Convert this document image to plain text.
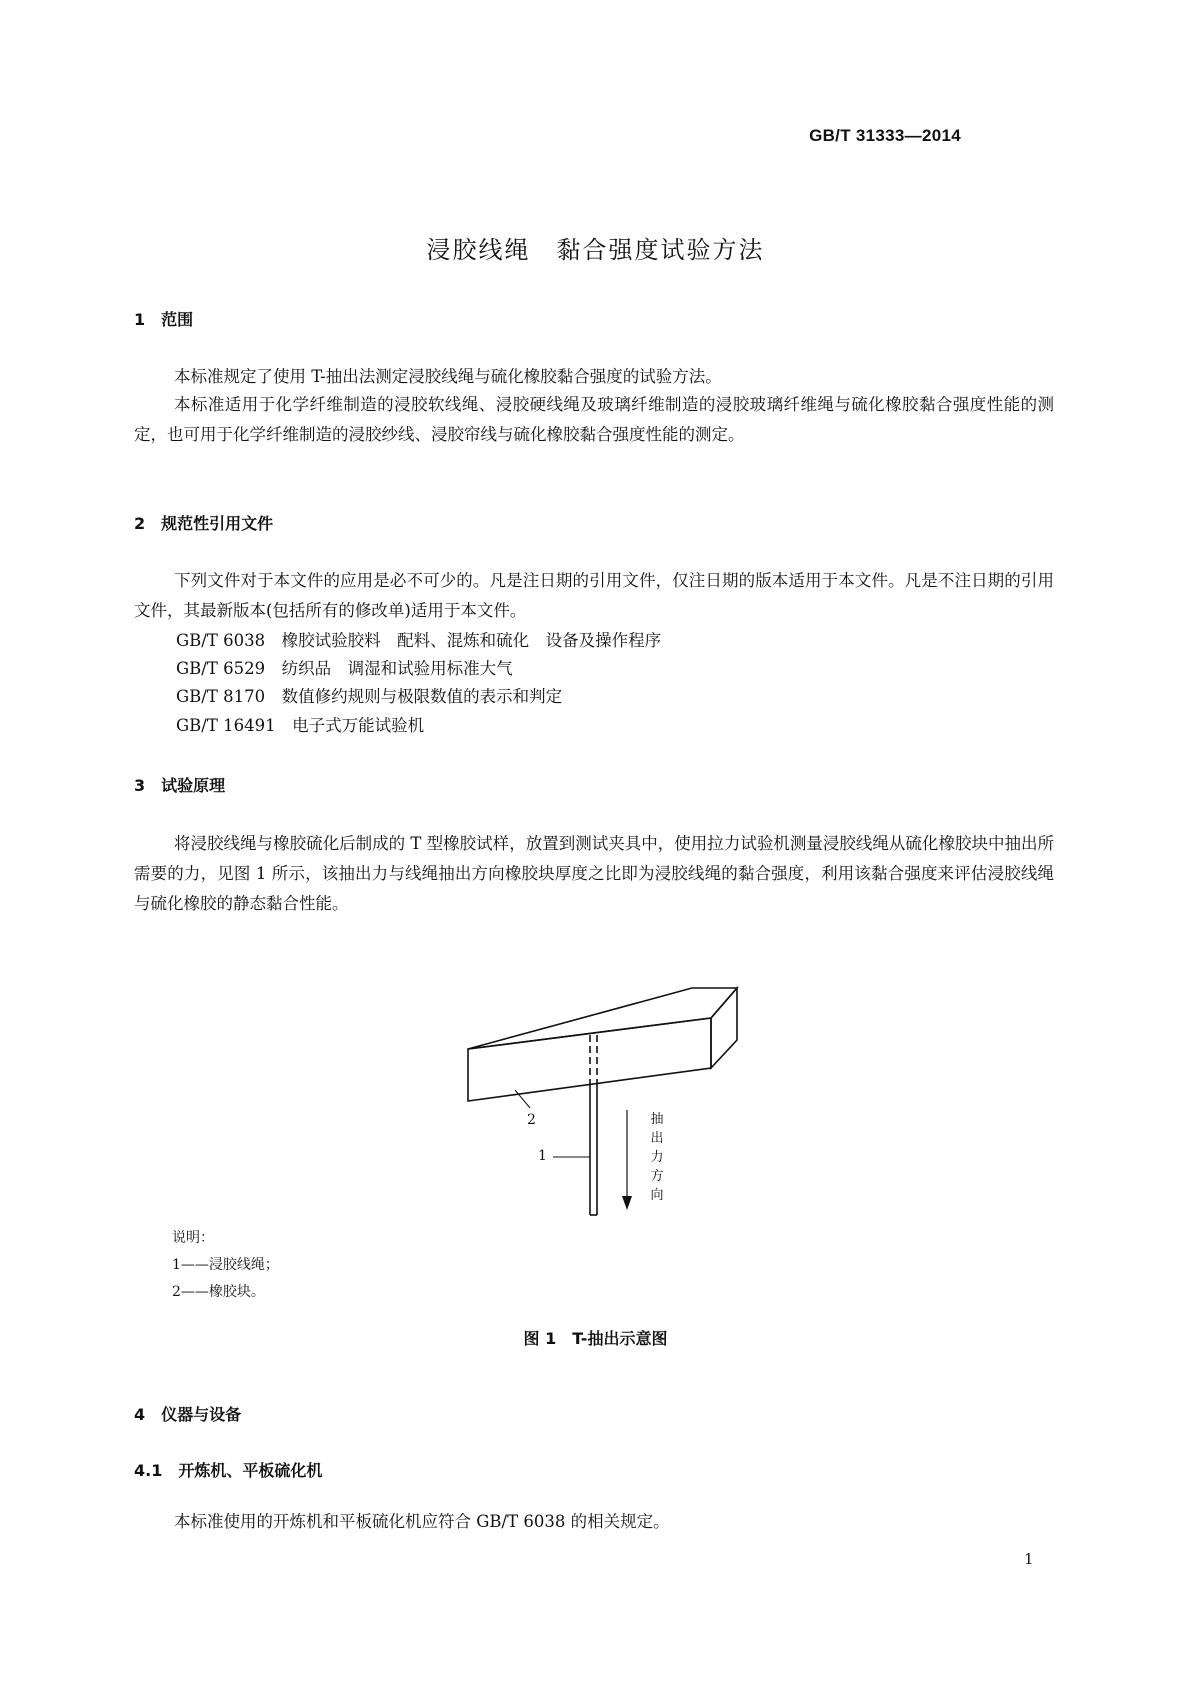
GB/T 31333—2014
浸胶线绳　黏合强度试验方法
1　范围
本标准规定了使用 T-抽出法测定浸胶线绳与硫化橡胶黏合强度的试验方法。
本标准适用于化学纤维制造的浸胶软线绳、浸胶硬线绳及玻璃纤维制造的浸胶玻璃纤维绳与硫化橡胶黏合强度性能的测定，也可用于化学纤维制造的浸胶纱线、浸胶帘线与硫化橡胶黏合强度性能的测定。
2　规范性引用文件
下列文件对于本文件的应用是必不可少的。凡是注日期的引用文件，仅注日期的版本适用于本文件。凡是不注日期的引用文件，其最新版本(包括所有的修改单)适用于本文件。
GB/T 6038　橡胶试验胶料　配料、混炼和硫化　设备及操作程序
GB/T 6529　纺织品　调湿和试验用标准大气
GB/T 8170　数值修约规则与极限数值的表示和判定
GB/T 16491　电子式万能试验机
3　试验原理
将浸胶线绳与橡胶硫化后制成的 T 型橡胶试样，放置到测试夹具中，使用拉力试验机测量浸胶线绳从硫化橡胶块中抽出所需要的力，见图 1 所示，该抽出力与线绳抽出方向橡胶块厚度之比即为浸胶线绳的黏合强度，利用该黏合强度来评估浸胶线绳与硫化橡胶的静态黏合性能。
2
1
抽
出
力
方
向
说明：
1——浸胶线绳；
2——橡胶块。
图 1　T-抽出示意图
4　仪器与设备
4.1　开炼机、平板硫化机
本标准使用的开炼机和平板硫化机应符合 GB/T 6038 的相关规定。
1
